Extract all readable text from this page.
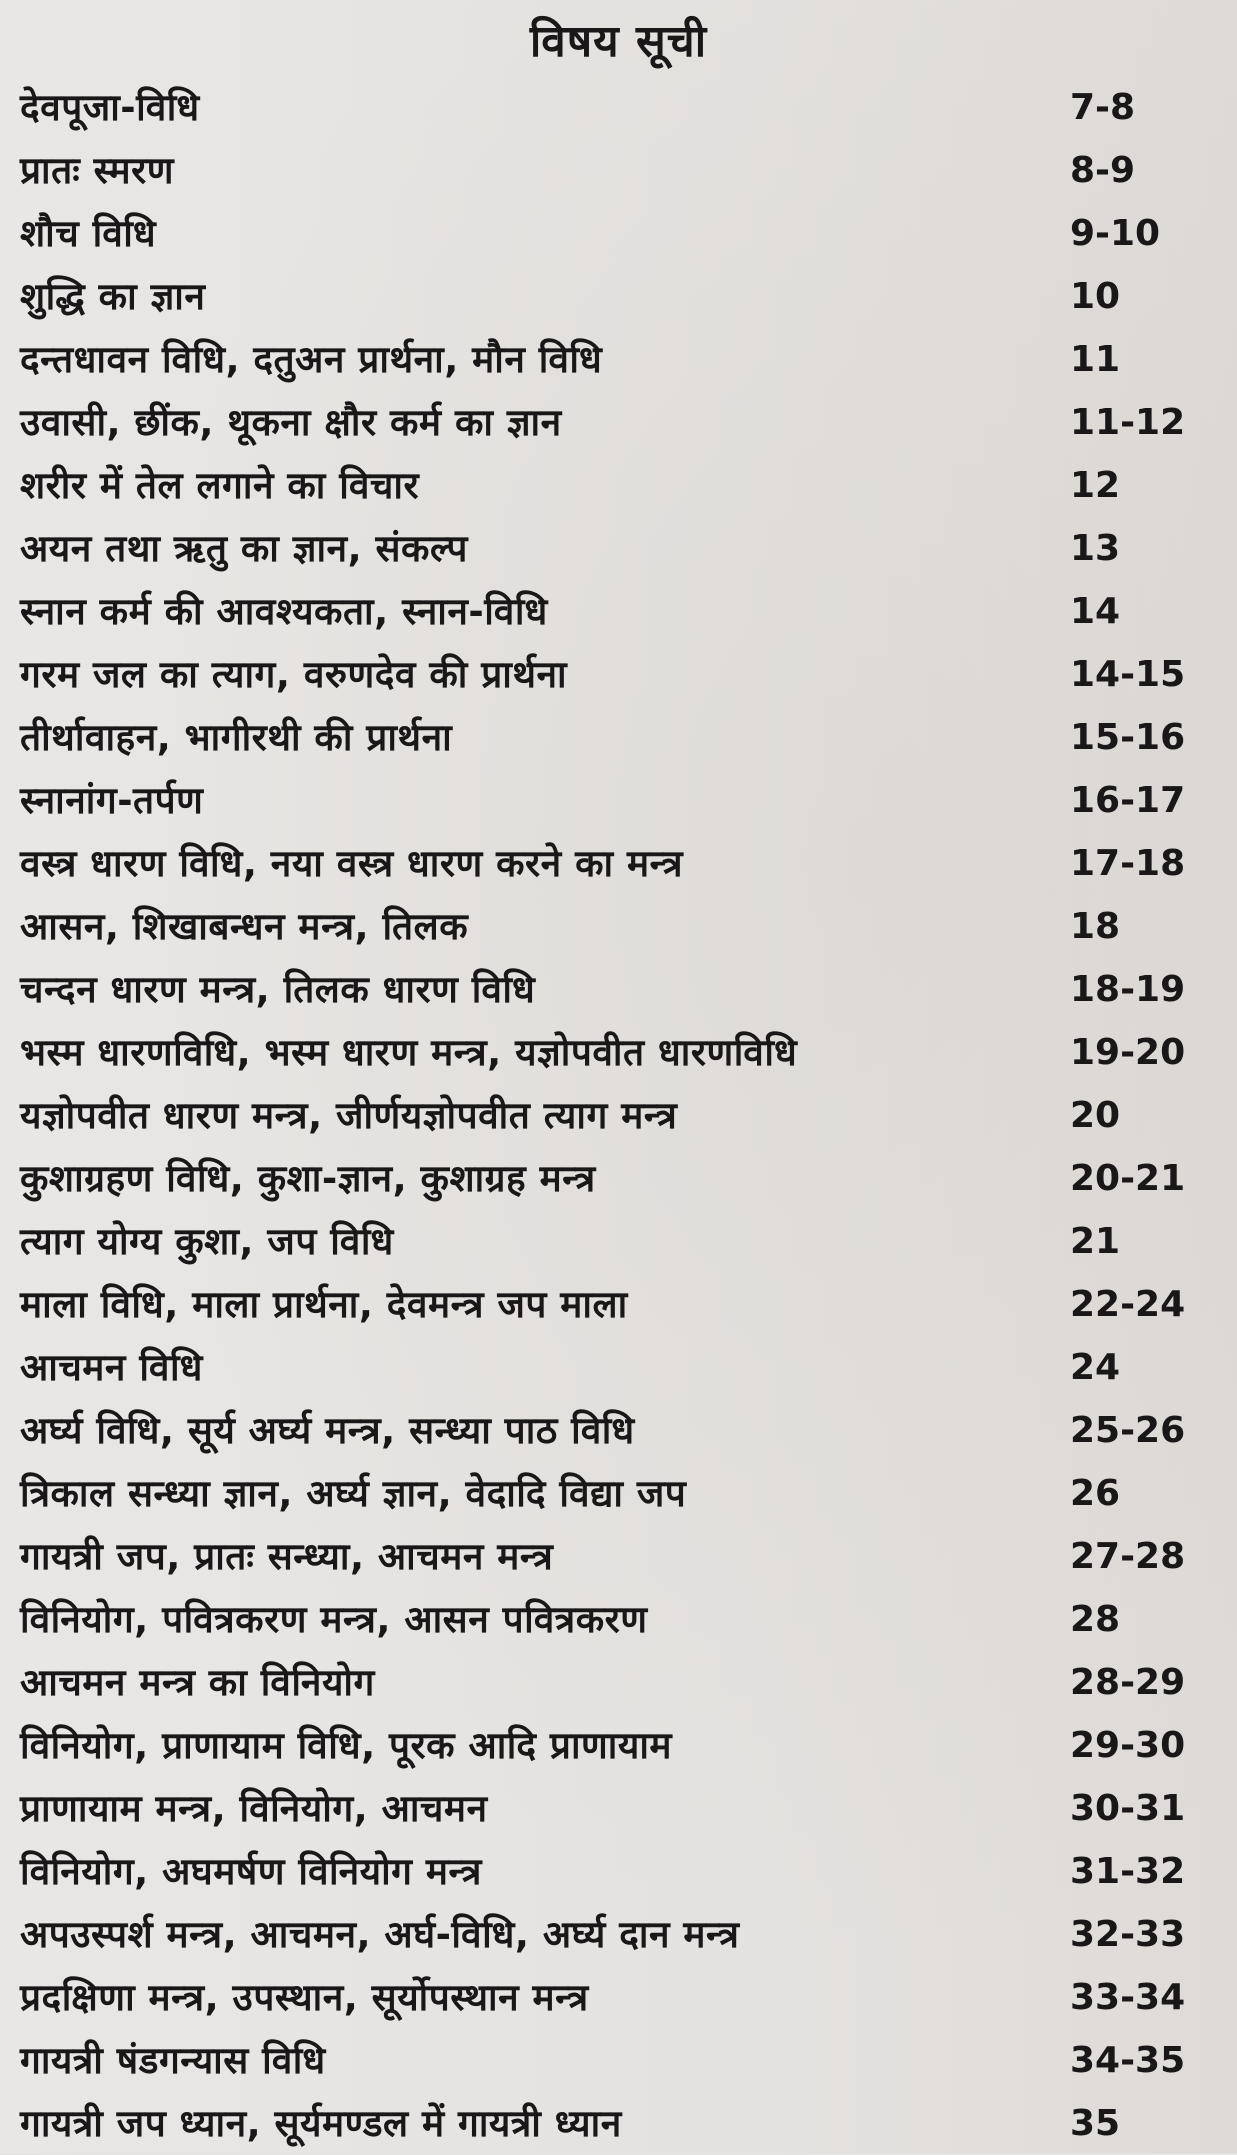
विषय सूची
देवपूजा-विधि	7-8
प्रातः स्मरण	8-9
शौच विधि	9-10
शुद्धि का ज्ञान	10
दन्तधावन विधि, दतुअन प्रार्थना, मौन विधि	11
उवासी, छींक, थूकना क्षौर कर्म का ज्ञान	11-12
शरीर में तेल लगाने का विचार	12
अयन तथा ऋतु का ज्ञान, संकल्प	13
स्नान कर्म की आवश्यकता, स्नान-विधि	14
गरम जल का त्याग, वरुणदेव की प्रार्थना	14-15
तीर्थावाहन, भागीरथी की प्रार्थना	15-16
स्नानांग-तर्पण	16-17
वस्त्र धारण विधि, नया वस्त्र धारण करने का मन्त्र	17-18
आसन, शिखाबन्धन मन्त्र, तिलक	18
चन्दन धारण मन्त्र, तिलक धारण विधि	18-19
भस्म धारणविधि, भस्म धारण मन्त्र, यज्ञोपवीत धारणविधि	19-20
यज्ञोपवीत धारण मन्त्र, जीर्णयज्ञोपवीत त्याग मन्त्र	20
कुशाग्रहण विधि, कुशा-ज्ञान, कुशाग्रह मन्त्र	20-21
त्याग योग्य कुशा, जप विधि	21
माला विधि, माला प्रार्थना, देवमन्त्र जप माला	22-24
आचमन विधि	24
अर्घ्य विधि, सूर्य अर्घ्य मन्त्र, सन्ध्या पाठ विधि	25-26
त्रिकाल सन्ध्या ज्ञान, अर्घ्य ज्ञान, वेदादि विद्या जप	26
गायत्री जप, प्रातः सन्ध्या, आचमन मन्त्र	27-28
विनियोग, पवित्रकरण मन्त्र, आसन पवित्रकरण	28
आचमन मन्त्र का विनियोग	28-29
विनियोग, प्राणायाम विधि, पूरक आदि प्राणायाम	29-30
प्राणायाम मन्त्र, विनियोग, आचमन	30-31
विनियोग, अघमर्षण विनियोग मन्त्र	31-32
अपउस्पर्श मन्त्र, आचमन, अर्घ-विधि, अर्घ्य दान मन्त्र	32-33
प्रदक्षिणा मन्त्र, उपस्थान, सूर्योपस्थान मन्त्र	33-34
गायत्री षंडगन्यास विधि	34-35
गायत्री जप ध्यान, सूर्यमण्डल में गायत्री ध्यान	35
